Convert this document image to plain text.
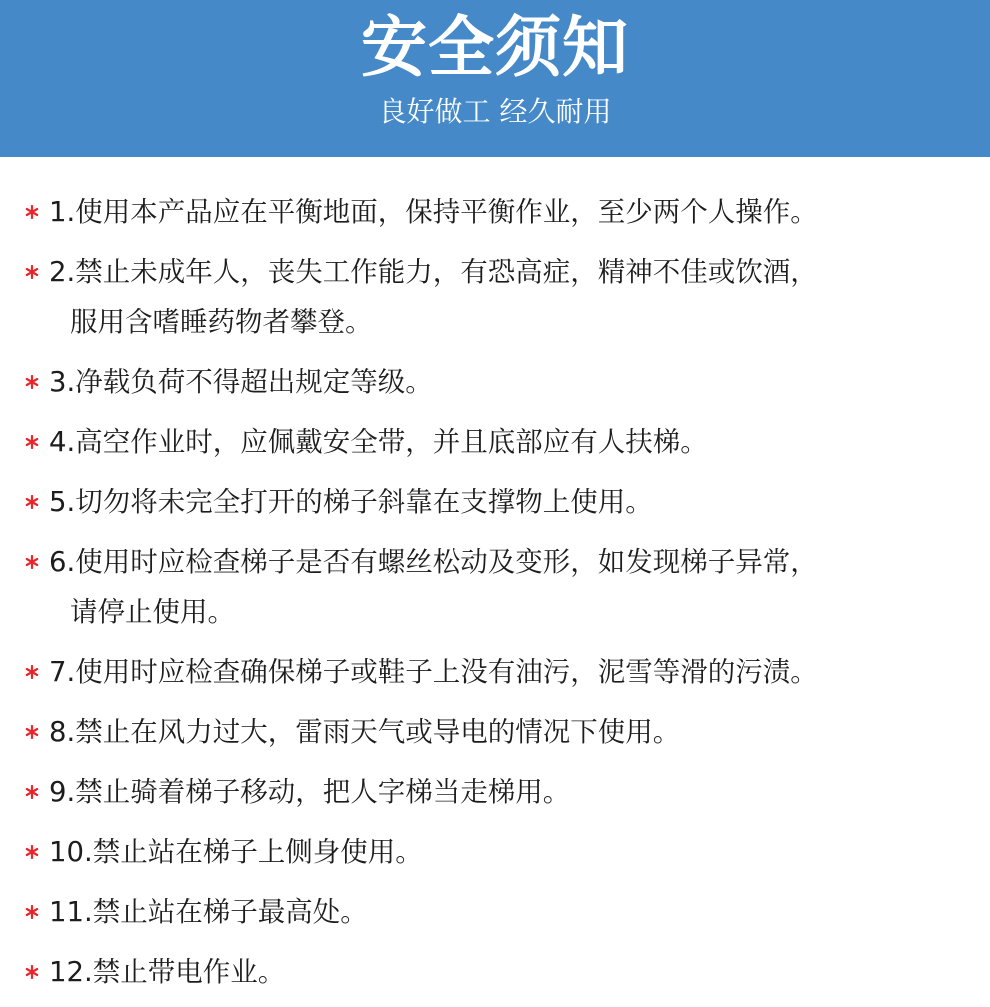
安全须知
良好做工 经久耐用
1.使用本产品应在平衡地面，保持平衡作业，至少两个人操作。
2.禁止未成年人，丧失工作能力，有恐高症，精神不佳或饮酒，
服用含嗜睡药物者攀登。
3.净载负荷不得超出规定等级。
4.高空作业时，应佩戴安全带，并且底部应有人扶梯。
5.切勿将未完全打开的梯子斜靠在支撑物上使用。
6.使用时应检查梯子是否有螺丝松动及变形，如发现梯子异常，
请停止使用。
7.使用时应检查确保梯子或鞋子上没有油污，泥雪等滑的污渍。
8.禁止在风力过大，雷雨天气或导电的情况下使用。
9.禁止骑着梯子移动，把人字梯当走梯用。
10.禁止站在梯子上侧身使用。
11.禁止站在梯子最高处。
12.禁止带电作业。
